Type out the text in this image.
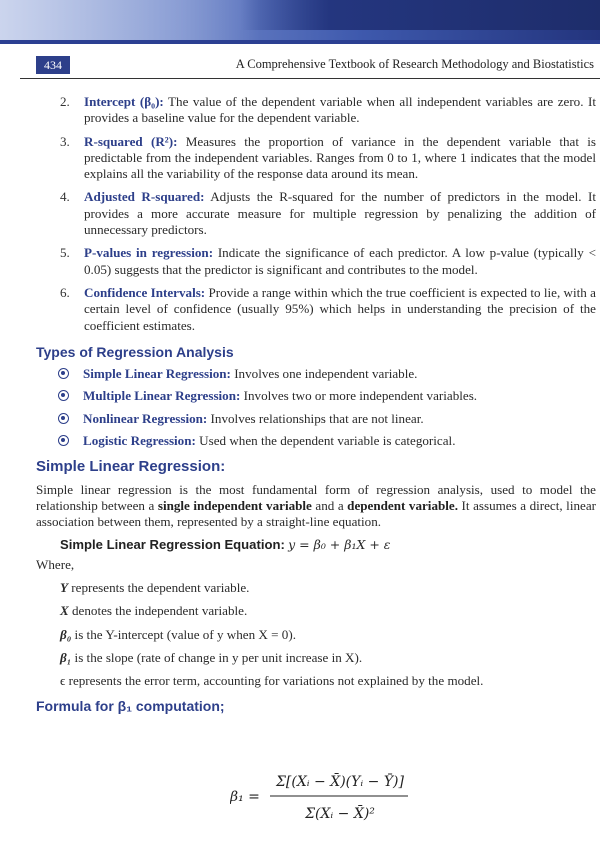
434	A Comprehensive Textbook of Research Methodology and Biostatistics
2. Intercept (β₀): The value of the dependent variable when all independent variables are zero. It provides a baseline value for the dependent variable.
3. R-squared (R²): Measures the proportion of variance in the dependent variable that is predictable from the independent variables. Ranges from 0 to 1, where 1 indicates that the model explains all the variability of the response data around its mean.
4. Adjusted R-squared: Adjusts the R-squared for the number of predictors in the model. It provides a more accurate measure for multiple regression by penalizing the addition of unnecessary predictors.
5. P-values in regression: Indicate the significance of each predictor. A low p-value (typically < 0.05) suggests that the predictor is significant and contributes to the model.
6. Confidence Intervals: Provide a range within which the true coefficient is expected to lie, with a certain level of confidence (usually 95%) which helps in understanding the precision of the coefficient estimates.
Types of Regression Analysis
Simple Linear Regression: Involves one independent variable.
Multiple Linear Regression: Involves two or more independent variables.
Nonlinear Regression: Involves relationships that are not linear.
Logistic Regression: Used when the dependent variable is categorical.
Simple Linear Regression:
Simple linear regression is the most fundamental form of regression analysis, used to model the relationship between a single independent variable and a dependent variable. It assumes a direct, linear association between them, represented by a straight-line equation.
Simple Linear Regression Equation: y = β₀ + β₁X + ε
Where,
Y represents the dependent variable.
X denotes the independent variable.
β₀ is the Y-intercept (value of y when X = 0).
β₁ is the slope (rate of change in y per unit increase in X).
ϵ represents the error term, accounting for variations not explained by the model.
Formula for β₁ computation;
β₁ =
Σ[(Xᵢ − X̄)(Yᵢ − Ȳ)]
Σ(Xᵢ − X̄)²
